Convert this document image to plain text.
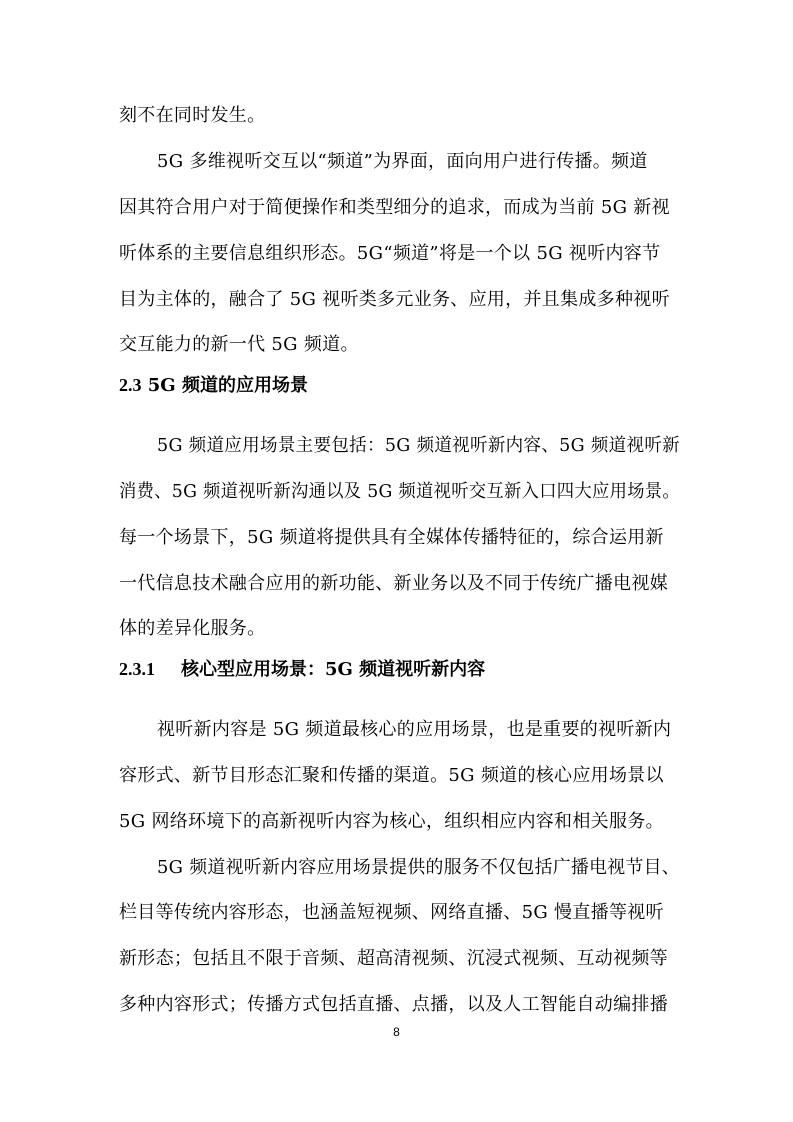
刻不在同时发生。

5G 多维视听交互以“频道”为界面，面向用户进行传播。频道

因其符合用户对于简便操作和类型细分的追求，而成为当前 5G 新视

听体系的主要信息组织形态。5G“频道”将是一个以 5G 视听内容节

目为主体的，融合了 5G 视听类多元业务、应用，并且集成多种视听

交互能力的新一代 5G 频道。

2.3 5G 频道的应用场景

5G 频道应用场景主要包括：5G 频道视听新内容、5G 频道视听新

消费、5G 频道视听新沟通以及 5G 频道视听交互新入口四大应用场景。

每一个场景下，5G 频道将提供具有全媒体传播特征的，综合运用新

一代信息技术融合应用的新功能、新业务以及不同于传统广播电视媒

体的差异化服务。

2.3.1 核心型应用场景：5G 频道视听新内容

视听新内容是 5G 频道最核心的应用场景，也是重要的视听新内

容形式、新节目形态汇聚和传播的渠道。5G 频道的核心应用场景以

5G 网络环境下的高新视听内容为核心，组织相应内容和相关服务。

5G 频道视听新内容应用场景提供的服务不仅包括广播电视节目、

栏目等传统内容形态，也涵盖短视频、网络直播、5G 慢直播等视听

新形态；包括且不限于音频、超高清视频、沉浸式视频、互动视频等

多种内容形式；传播方式包括直播、点播，以及人工智能自动编排播

8
